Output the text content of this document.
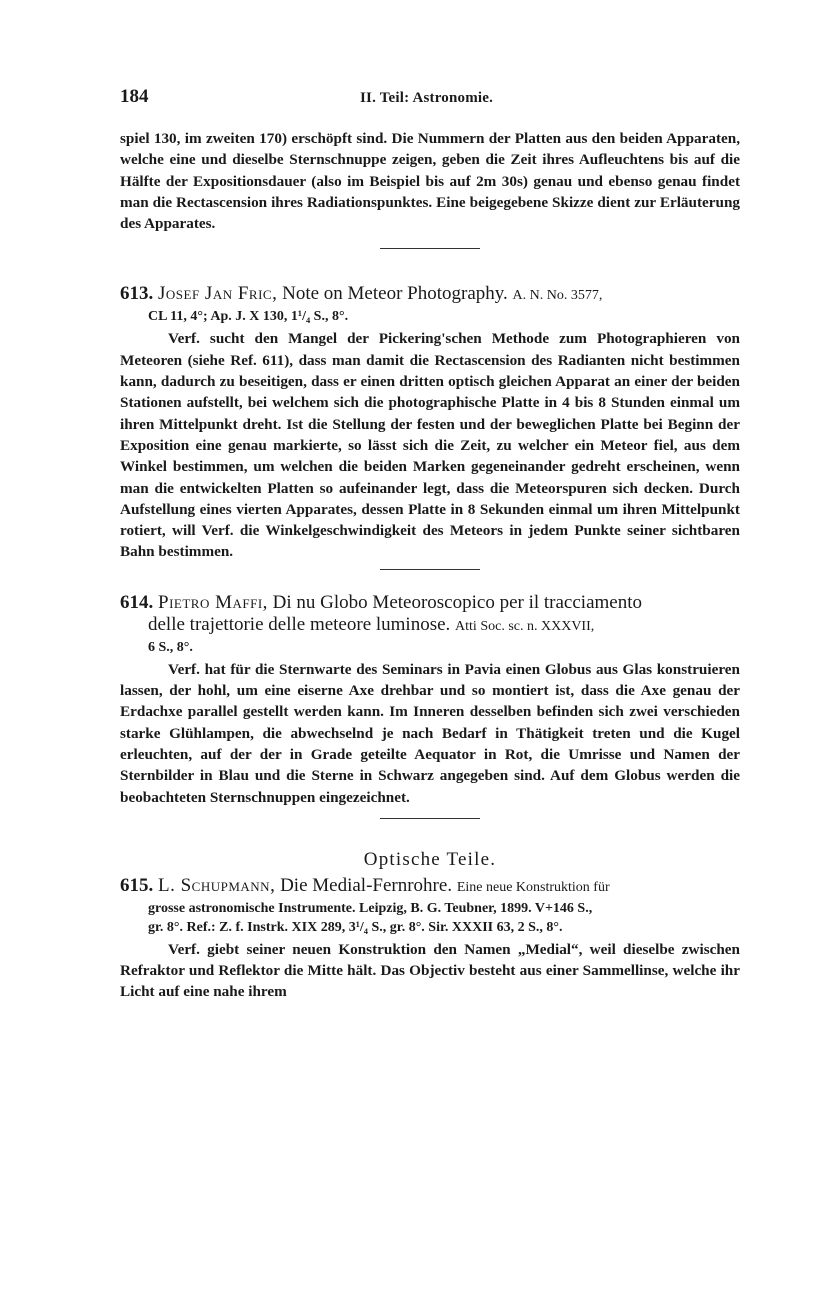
184	II. Teil: Astronomie.

spiel 130, im zweiten 170) erschöpft sind. Die Nummern der Platten aus den beiden Apparaten, welche eine und dieselbe Sternschnuppe zeigen, geben die Zeit ihres Aufleuchtens bis auf die Hälfte der Expositionsdauer (also im Beispiel bis auf 2m 30s) genau und ebenso genau findet man die Rectascension ihres Radiationspunktes. Eine beigegebene Skizze dient zur Erläuterung des Apparates.

613. Josef Jan Fric, Note on Meteor Photography. A. N. No. 3577,

CL 11, 4°; Ap. J. X 130, 1¹/₄ S., 8°.

Verf. sucht den Mangel der Pickering'schen Methode zum Photographieren von Meteoren (siehe Ref. 611), dass man damit die Rectascension des Radianten nicht bestimmen kann, dadurch zu beseitigen, dass er einen dritten optisch gleichen Apparat an einer der beiden Stationen aufstellt, bei welchem sich die photographische Platte in 4 bis 8 Stunden einmal um ihren Mittelpunkt dreht. Ist die Stellung der festen und der beweglichen Platte bei Beginn der Exposition eine genau markierte, so lässt sich die Zeit, zu welcher ein Meteor fiel, aus dem Winkel bestimmen, um welchen die beiden Marken gegeneinander gedreht erscheinen, wenn man die entwickelten Platten so aufeinander legt, dass die Meteorspuren sich decken. Durch Aufstellung eines vierten Apparates, dessen Platte in 8 Sekunden einmal um ihren Mittelpunkt rotiert, will Verf. die Winkelgeschwindigkeit des Meteors in jedem Punkte seiner sichtbaren Bahn bestimmen.

614. Pietro Maffi, Di nu Globo Meteoroscopico per il tracciamento

delle trajettorie delle meteore luminose. Atti Soc. sc. n. XXXVII,

6 S., 8°.

Verf. hat für die Sternwarte des Seminars in Pavia einen Globus aus Glas konstruieren lassen, der hohl, um eine eiserne Axe drehbar und so montiert ist, dass die Axe genau der Erdachxe parallel gestellt werden kann. Im Inneren desselben befinden sich zwei verschieden starke Glühlampen, die abwechselnd je nach Bedarf in Thätigkeit treten und die Kugel erleuchten, auf der der in Grade geteilte Aequator in Rot, die Umrisse und Namen der Sternbilder in Blau und die Sterne in Schwarz angegeben sind. Auf dem Globus werden die beobachteten Sternschnuppen eingezeichnet.

Optische Teile.

615. L. Schupmann, Die Medial-Fernrohre. Eine neue Konstruktion für

grosse astronomische Instrumente. Leipzig, B. G. Teubner, 1899. V+146 S.,

gr. 8°. Ref.: Z. f. Instrk. XIX 289, 3¹/₄ S., gr. 8°. Sir. XXXII 63, 2 S., 8°.

Verf. giebt seiner neuen Konstruktion den Namen „Medial“, weil dieselbe zwischen Refraktor und Reflektor die Mitte hält. Das Objectiv besteht aus einer Sammellinse, welche ihr Licht auf eine nahe ihrem
